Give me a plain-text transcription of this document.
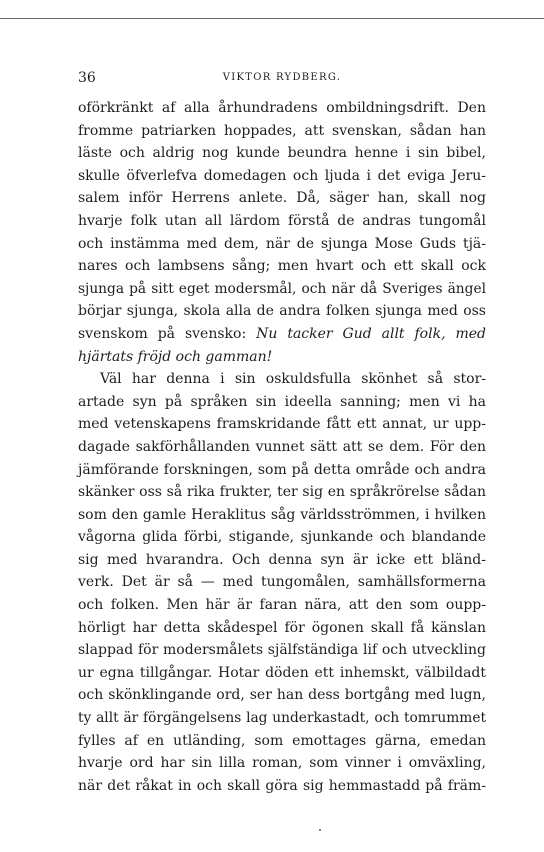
36	VIKTOR RYDBERG.
oförkränkt af alla århundradens ombildningsdrift. Den
fromme patriarken hoppades, att svenskan, sådan han
läste och aldrig nog kunde beundra henne i sin bibel,
skulle öfverlefva domedagen och ljuda i det eviga Jeru-
salem inför Herrens anlete. Då, säger han, skall nog
hvarje folk utan all lärdom förstå de andras tungomål
och instämma med dem, när de sjunga Mose Guds tjä-
nares och lambsens sång; men hvart och ett skall ock
sjunga på sitt eget modersmål, och när då Sveriges ängel
börjar sjunga, skola alla de andra folken sjunga med oss
svenskom på svensko: Nu tacker Gud allt folk, med
hjärtats fröjd och gamman!
Väl har denna i sin oskuldsfulla skönhet så stor-
artade syn på språken sin ideella sanning; men vi ha
med vetenskapens framskridande fått ett annat, ur upp-
dagade sakförhållanden vunnet sätt att se dem. För den
jämförande forskningen, som på detta område och andra
skänker oss så rika frukter, ter sig en språkrörelse sådan
som den gamle Heraklitus såg världsströmmen, i hvilken
vågorna glida förbi, stigande, sjunkande och blandande
sig med hvarandra. Och denna syn är icke ett bländ-
verk. Det är så — med tungomålen, samhällsformerna
och folken. Men här är faran nära, att den som oupp-
hörligt har detta skådespel för ögonen skall få känslan
slappad för modersmålets själfständiga lif och utveckling
ur egna tillgångar. Hotar döden ett inhemskt, välbildadt
och skönklingande ord, ser han dess bortgång med lugn,
ty allt är förgängelsens lag underkastadt, och tomrummet
fylles af en utländing, som emottages gärna, emedan
hvarje ord har sin lilla roman, som vinner i omväxling,
när det råkat in och skall göra sig hemmastadd på främ-
